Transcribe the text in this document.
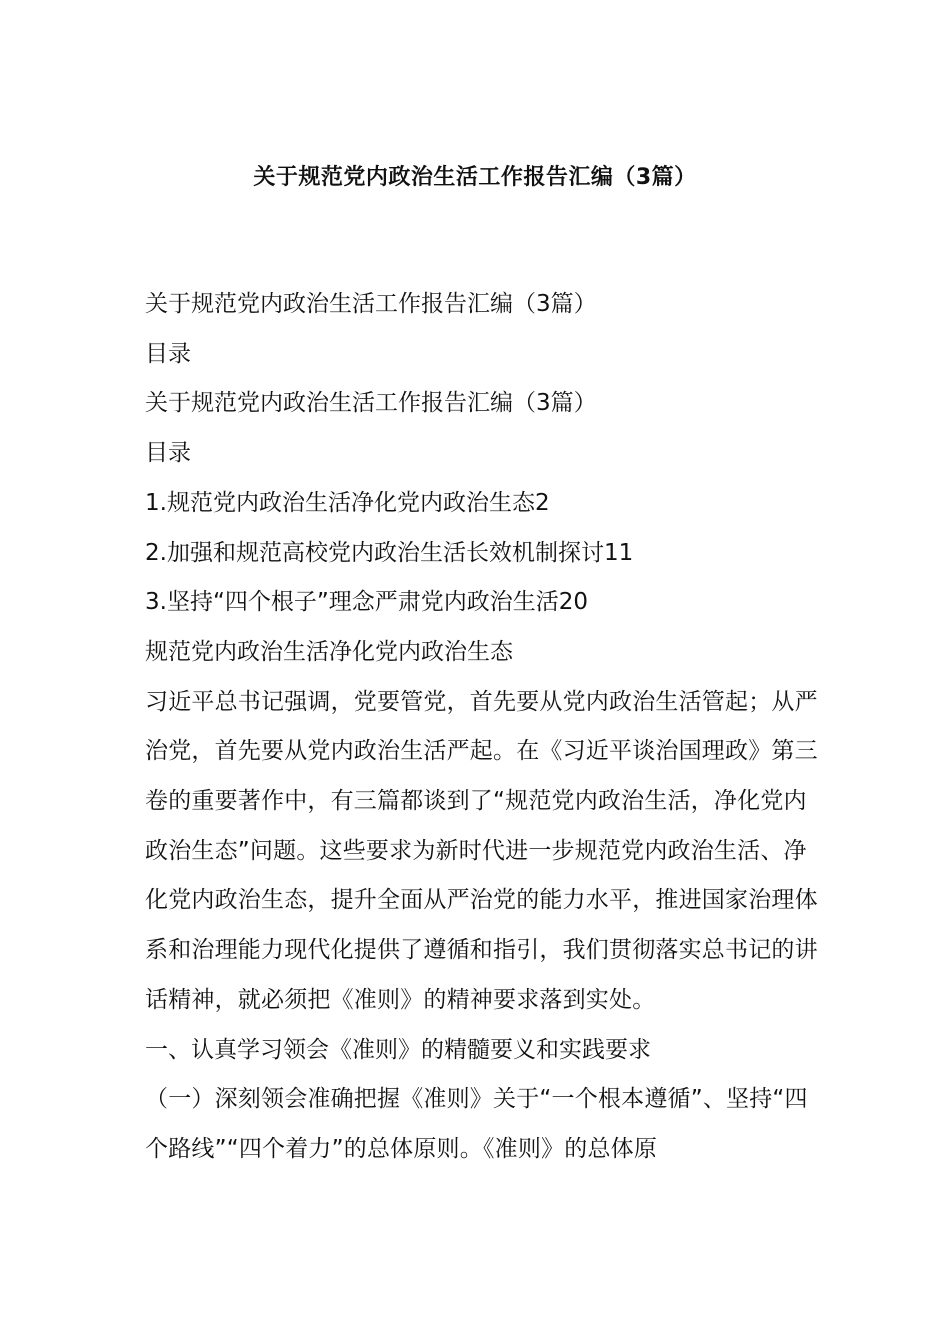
关于规范党内政治生活工作报告汇编（3篇）

关于规范党内政治生活工作报告汇编（3篇）

目录

关于规范党内政治生活工作报告汇编（3篇）

目录

1.规范党内政治生活净化党内政治生态2

2.加强和规范高校党内政治生活长效机制探讨11

3.坚持“四个根子”理念严肃党内政治生活20

规范党内政治生活净化党内政治生态

习近平总书记强调，党要管党，首先要从党内政治生活管起；从严治党，首先要从党内政治生活严起。在《习近平谈治国理政》第三卷的重要著作中，有三篇都谈到了“规范党内政治生活，净化党内政治生态”问题。这些要求为新时代进一步规范党内政治生活、净化党内政治生态，提升全面从严治党的能力水平，推进国家治理体系和治理能力现代化提供了遵循和指引，我们贯彻落实总书记的讲话精神，就必须把《准则》的精神要求落到实处。

一、认真学习领会《准则》的精髓要义和实践要求

（一）深刻领会准确把握《准则》关于“一个根本遵循”、坚持“四个路线”“四个着力”的总体原则。《准则》的总体原
